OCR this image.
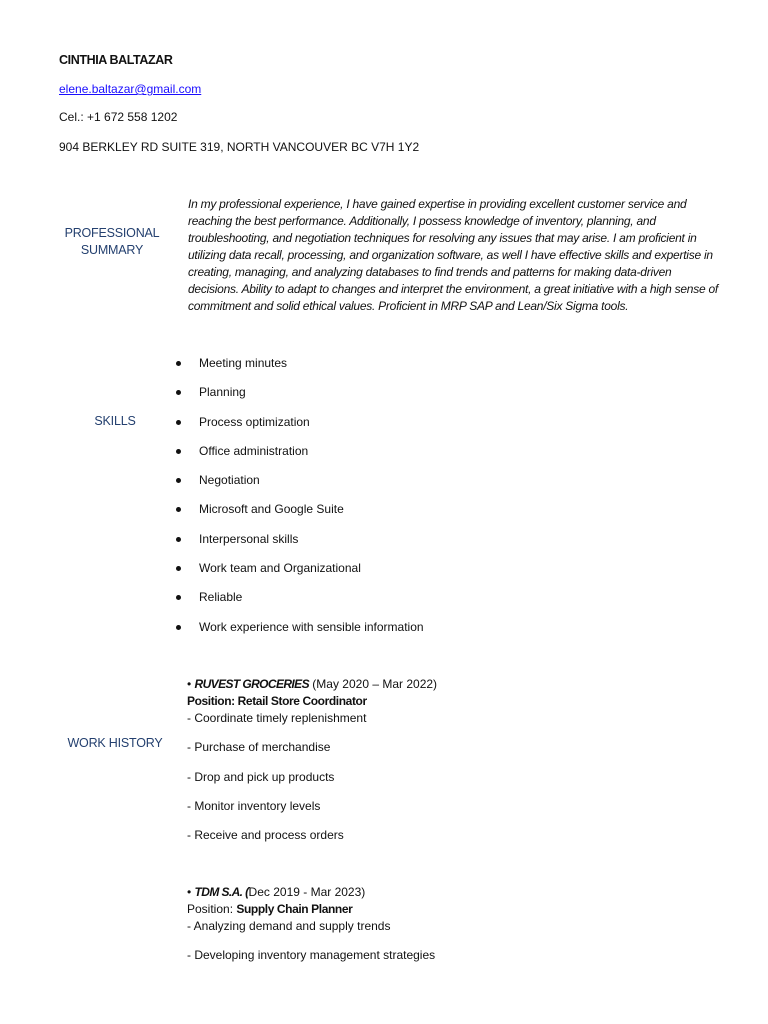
CINTHIA BALTAZAR
elene.baltazar@gmail.com
Cel.: +1 672 558 1202
904 BERKLEY RD SUITE 319, NORTH VANCOUVER BC V7H 1Y2
PROFESSIONAL
SUMMARY
In my professional experience, I have gained expertise in providing excellent customer service and reaching the best performance. Additionally, I possess knowledge of inventory, planning, and troubleshooting, and negotiation techniques for resolving any issues that may arise. I am proficient in utilizing data recall, processing, and organization software, as well I have effective skills and expertise in creating, managing, and analyzing databases to find trends and patterns for making data-driven decisions. Ability to adapt to changes and interpret the environment, a great initiative with a high sense of commitment and solid ethical values. Proficient in MRP SAP and Lean/Six Sigma tools.
SKILLS
Meeting minutes
Planning
Process optimization
Office administration
Negotiation
Microsoft and Google Suite
Interpersonal skills
Work team and Organizational
Reliable
Work experience with sensible information
WORK HISTORY
• RUVEST GROCERIES (May 2020 – Mar 2022)
Position: Retail Store Coordinator
- Coordinate timely replenishment
- Purchase of merchandise
- Drop and pick up products
- Monitor inventory levels
- Receive and process orders
• TDM S.A. (Dec 2019 - Mar 2023)
Position: Supply Chain Planner
- Analyzing demand and supply trends
- Developing inventory management strategies
